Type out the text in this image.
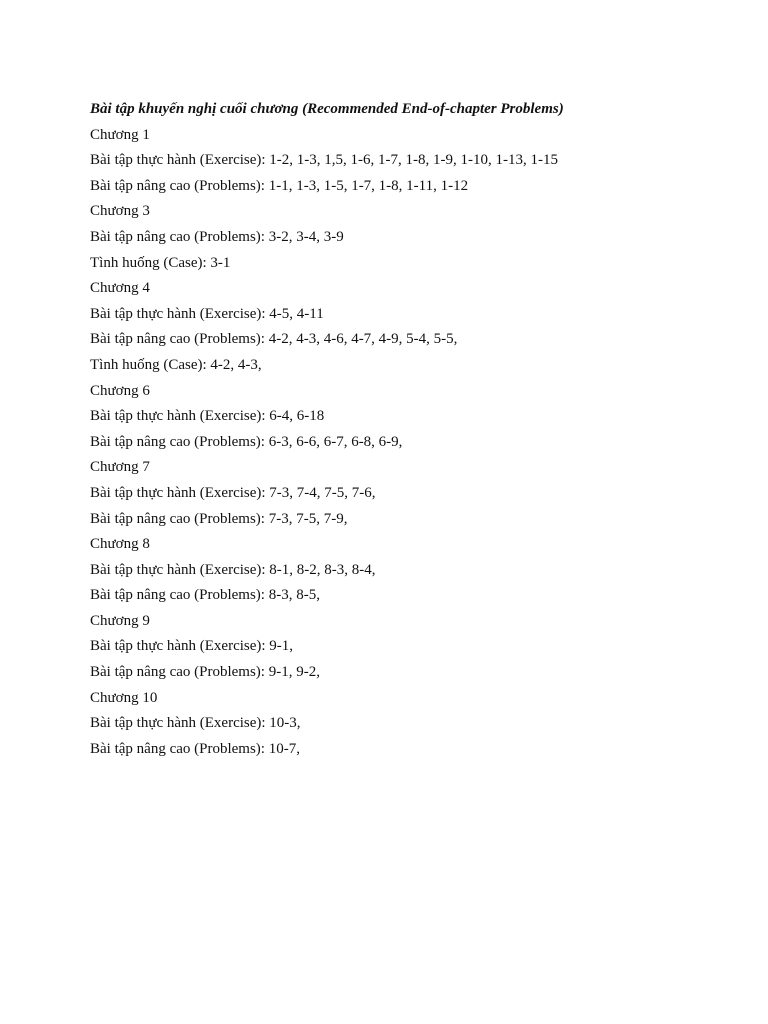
Bài tập khuyến nghị cuối chương (Recommended End-of-chapter Problems)
Chương 1
Bài tập thực hành (Exercise): 1-2, 1-3, 1,5, 1-6, 1-7, 1-8, 1-9, 1-10, 1-13, 1-15
Bài tập nâng cao (Problems): 1-1, 1-3, 1-5, 1-7, 1-8, 1-11, 1-12
Chương 3
Bài tập nâng cao (Problems): 3-2, 3-4, 3-9
Tình huống (Case): 3-1
Chương 4
Bài tập thực hành (Exercise): 4-5, 4-11
Bài tập nâng cao (Problems): 4-2, 4-3, 4-6, 4-7, 4-9, 5-4, 5-5,
Tình huống (Case): 4-2, 4-3,
Chương 6
Bài tập thực hành (Exercise): 6-4, 6-18
Bài tập nâng cao (Problems): 6-3, 6-6, 6-7, 6-8, 6-9,
Chương 7
Bài tập thực hành (Exercise): 7-3, 7-4, 7-5, 7-6,
Bài tập nâng cao (Problems): 7-3, 7-5, 7-9,
Chương 8
Bài tập thực hành (Exercise): 8-1, 8-2, 8-3, 8-4,
Bài tập nâng cao (Problems): 8-3, 8-5,
Chương 9
Bài tập thực hành (Exercise): 9-1,
Bài tập nâng cao (Problems): 9-1, 9-2,
Chương 10
Bài tập thực hành (Exercise): 10-3,
Bài tập nâng cao (Problems): 10-7,
